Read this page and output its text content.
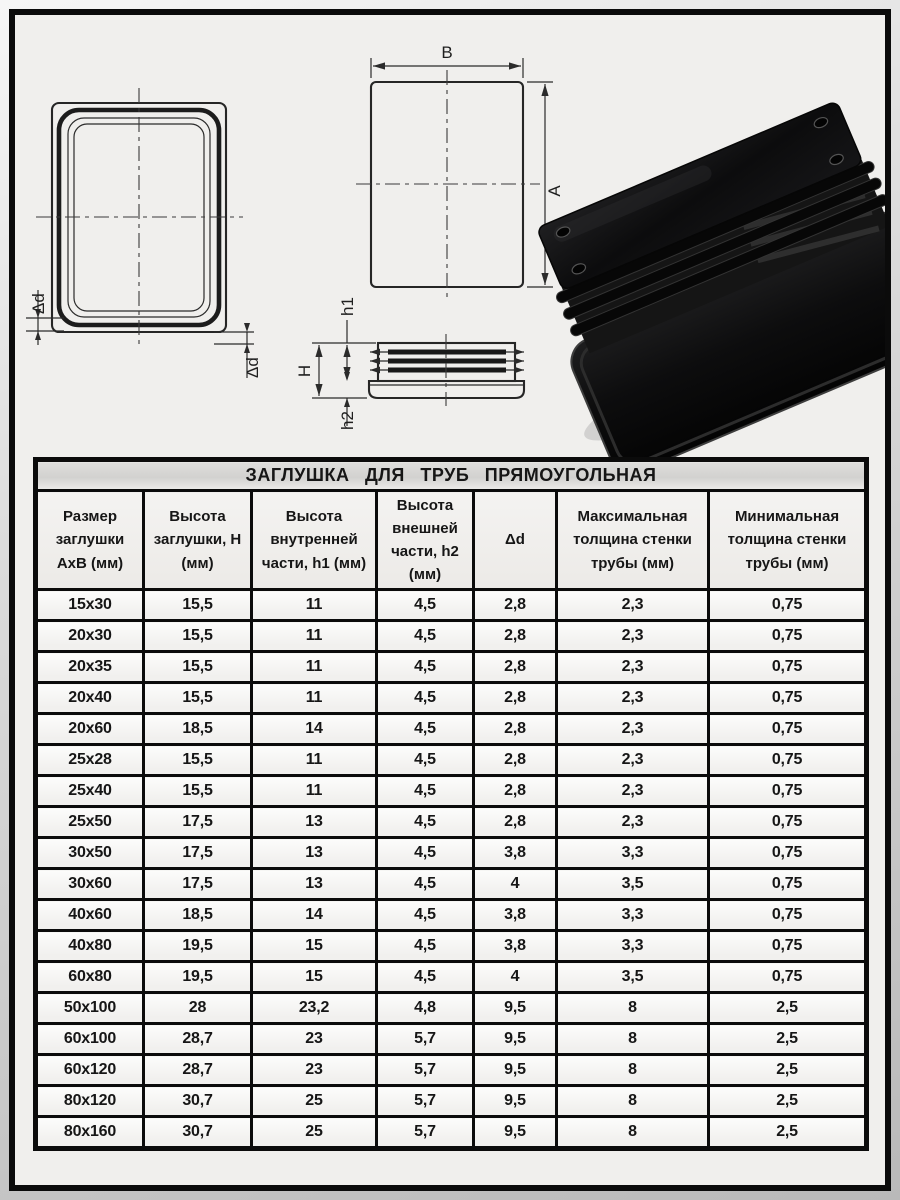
Δd
Δd
B
A
H
h1
h2
ЗАГЛУШКА ДЛЯ ТРУБ ПРЯМОУГОЛЬНАЯ						
Размер заглушки АхВ (мм)	Высота заглушки, Н (мм)	Высота внутренней части, h1 (мм)	Высота внешней части, h2 (мм)	Δd	Максимальная толщина стенки трубы (мм)	Минимальная толщина стенки трубы (мм)
15x30	15,5	11	4,5	2,8	2,3	0,75
20x30	15,5	11	4,5	2,8	2,3	0,75
20x35	15,5	11	4,5	2,8	2,3	0,75
20x40	15,5	11	4,5	2,8	2,3	0,75
20x60	18,5	14	4,5	2,8	2,3	0,75
25x28	15,5	11	4,5	2,8	2,3	0,75
25x40	15,5	11	4,5	2,8	2,3	0,75
25x50	17,5	13	4,5	2,8	2,3	0,75
30x50	17,5	13	4,5	3,8	3,3	0,75
30x60	17,5	13	4,5	4	3,5	0,75
40x60	18,5	14	4,5	3,8	3,3	0,75
40x80	19,5	15	4,5	3,8	3,3	0,75
60x80	19,5	15	4,5	4	3,5	0,75
50x100	28	23,2	4,8	9,5	8	2,5
60x100	28,7	23	5,7	9,5	8	2,5
60x120	28,7	23	5,7	9,5	8	2,5
80x120	30,7	25	5,7	9,5	8	2,5
80x160	30,7	25	5,7	9,5	8	2,5
